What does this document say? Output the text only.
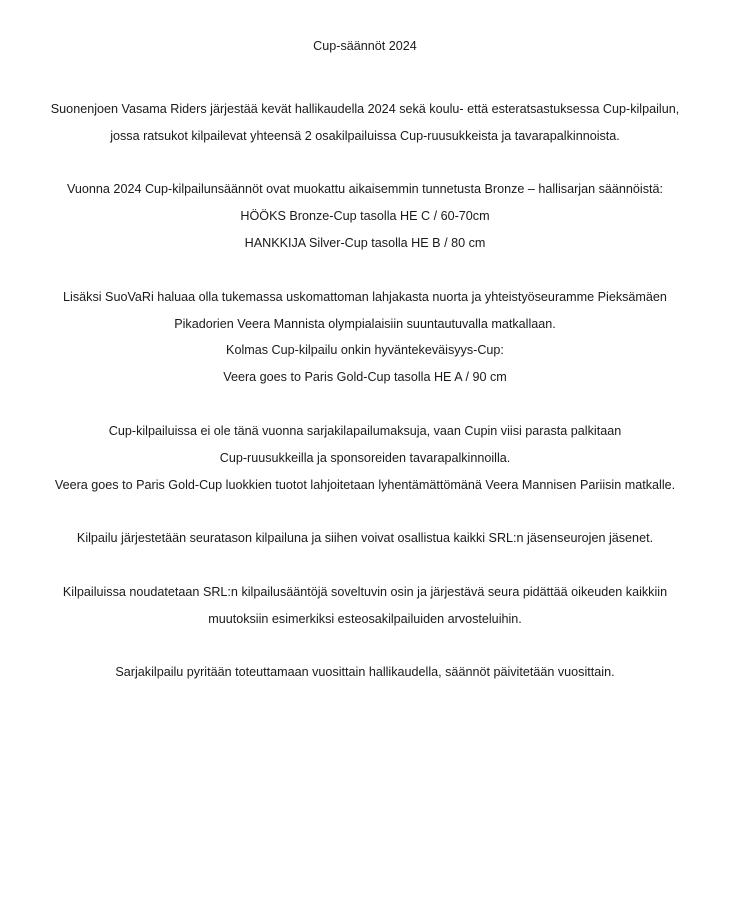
Cup-säännöt 2024
Suonenjoen Vasama Riders järjestää kevät hallikaudella 2024 sekä koulu- että esteratsastuksessa Cup-kilpailun,
jossa ratsukot kilpailevat yhteensä 2 osakilpailuissa Cup-ruusukkeista ja tavarapalkinnoista.
Vuonna 2024 Cup-kilpailunsäännöt ovat muokattu aikaisemmin tunnetusta Bronze – hallisarjan säännöistä:
HÖÖKS Bronze-Cup tasolla HE C / 60-70cm
HANKKIJA Silver-Cup tasolla HE B / 80 cm
Lisäksi SuoVaRi haluaa olla tukemassa uskomattoman lahjakasta nuorta ja yhteistyöseuramme Pieksämäen
Pikadorien Veera Mannista olympialaisiin suuntautuvalla matkallaan.
Kolmas Cup-kilpailu onkin hyväntekeväisyys-Cup:
Veera goes to Paris Gold-Cup tasolla HE A / 90 cm
Cup-kilpailuissa ei ole tänä vuonna sarjakilapailumaksuja, vaan Cupin viisi parasta palkitaan
Cup-ruusukkeilla ja sponsoreiden tavarapalkinnoilla.
Veera goes to Paris Gold-Cup luokkien tuotot lahjoitetaan lyhentämättömänä Veera Mannisen Pariisin matkalle.
Kilpailu järjestetään seuratason kilpailuna ja siihen voivat osallistua kaikki SRL:n jäsenseurojen jäsenet.
Kilpailuissa noudatetaan SRL:n kilpailusääntöjä soveltuvin osin ja järjestävä seura pidättää oikeuden kaikkiin
muutoksiin esimerkiksi esteosakilpailuiden arvosteluihin.
Sarjakilpailu pyritään toteuttamaan vuosittain hallikaudella, säännöt päivitetään vuosittain.
